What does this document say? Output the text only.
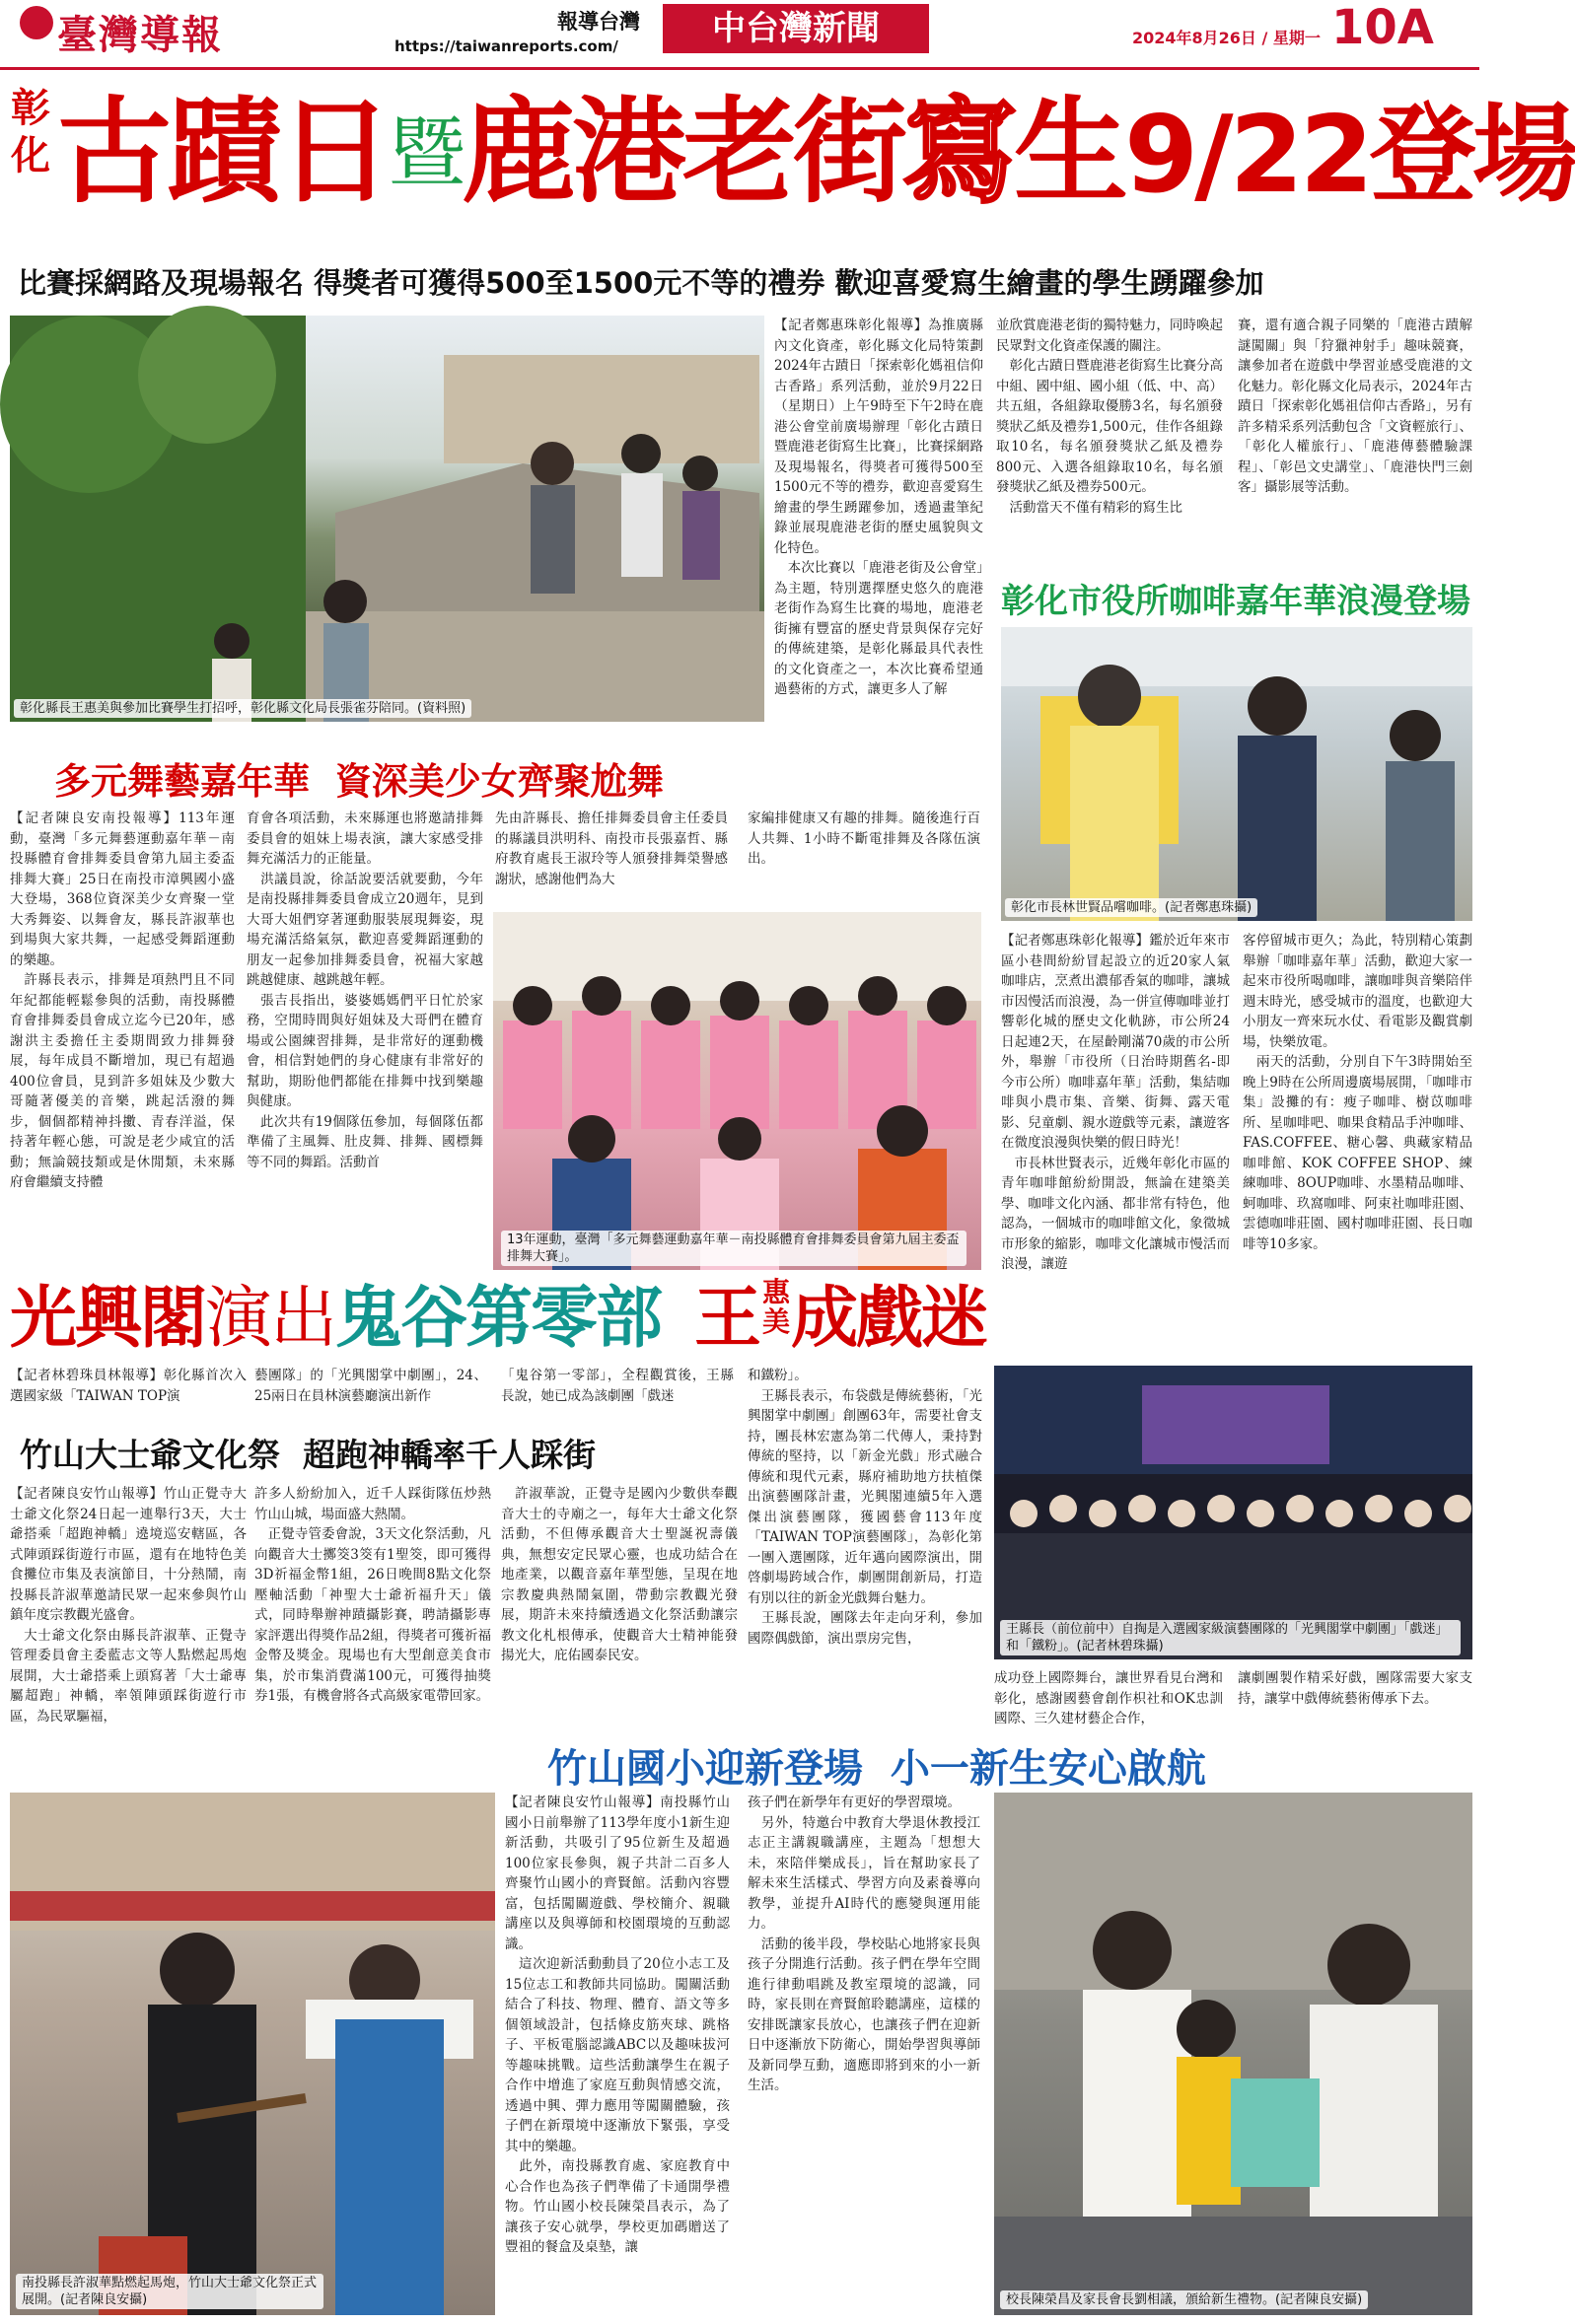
臺灣導報	報導台灣
https://taiwanreports.com/	中台灣新聞	2024年8月26日 / 星期一 10A
彰
化 古蹟日暨鹿港老街寫生9/22登場
比賽採網路及現場報名 得獎者可獲得500至1500元不等的禮券 歡迎喜愛寫生繪畫的學生踴躍參加
彰化縣長王惠美與參加比賽學生打招呼，彰化縣文化局長張雀芬陪同。(資料照)
【記者鄭惠珠彰化報導】為推廣縣內文化資產，彰化縣文化局特策劃2024年古蹟日「探索彰化媽祖信仰古香路」系列活動，並於9月22日（星期日）上午9時至下午2時在鹿港公會堂前廣場辦理「彰化古蹟日暨鹿港老街寫生比賽」，比賽採網路及現場報名，得獎者可獲得500至1500元不等的禮券，歡迎喜愛寫生繪畫的學生踴躍參加，透過畫筆紀錄並展現鹿港老街的歷史風貌與文化特色。
　本次比賽以「鹿港老街及公會堂」為主題，特別選擇歷史悠久的鹿港老街作為寫生比賽的場地，鹿港老街擁有豐富的歷史背景與保存完好的傳統建築，是彰化縣最具代表性的文化資產之一，本次比賽希望通過藝術的方式，讓更多人了解
並欣賞鹿港老街的獨特魅力，同時喚起民眾對文化資產保護的關注。
　彰化古蹟日暨鹿港老街寫生比賽分高中組、國中組、國小組（低、中、高）共五組，各組錄取優勝3名，每名頒發獎狀乙紙及禮券1,500元，佳作各組錄取10名，每名頒發獎狀乙紙及禮券800元、入選各組錄取10名，每名頒發獎狀乙紙及禮券500元。
　活動當天不僅有精彩的寫生比
賽，還有適合親子同樂的「鹿港古蹟解謎闖關」與「狩獵神射手」趣味競賽，讓參加者在遊戲中學習並感受鹿港的文化魅力。彰化縣文化局表示，2024年古蹟日「探索彰化媽祖信仰古香路」，另有許多精采系列活動包含「文資輕旅行」、「彰化人權旅行」、「鹿港傳藝體驗課程」、「彰邑文史講堂」、「鹿港快門三劍客」攝影展等活動。
彰化市役所咖啡嘉年華浪漫登場
彰化市長林世賢品嚐咖啡。(記者鄭惠珠攝)
【記者鄭惠珠彰化報導】鑑於近年來市區小巷間紛紛冒起設立的近20家人氣咖啡店，烹煮出濃郁香氣的咖啡，讓城市因慢活而浪漫，為一併宣傳咖啡並打響彰化城的歷史文化軌跡，市公所24日起連2天，在屋齡剛滿70歲的市公所外，舉辦「市役所（日治時期舊名-即今市公所）咖啡嘉年華」活動，集結咖啡與小農市集、音樂、街舞、露天電影、兒童劇、親水遊戲等元素，讓遊客在微度浪漫與快樂的假日時光！
　市長林世賢表示，近幾年彰化市區的青年咖啡館紛紛開設，無論在建築美學、咖啡文化內涵、都非常有特色，他認為，一個城市的咖啡館文化，象徵城市形象的縮影，咖啡文化讓城市慢活而浪漫，讓遊
客停留城市更久；為此，特別精心策劃舉辦「咖啡嘉年華」活動，歡迎大家一起來市役所喝咖啡，讓咖啡與音樂陪伴週末時光，感受城市的溫度，也歡迎大小朋友一齊來玩水仗、看電影及觀賞劇場，快樂放電。
　兩天的活動，分別自下午3時開始至晚上9時在公所周邊廣場展開，「咖啡市集」設攤的有：瘦子咖啡、樹苡咖啡所、星咖啡吧、咖果食精品手沖咖啡、FAS.COFFEE、糖心馨、典藏家精品咖啡館、KOK COFFEE SHOP、練練咖啡、8OUP咖啡、水墨精品咖啡、蚵咖啡、玖窩咖啡、阿束社咖啡莊園、雲德咖啡莊園、國村咖啡莊園、長日咖啡等10多家。
多元舞藝嘉年華  資深美少女齊聚尬舞
【記者陳良安南投報導】113年運動，臺灣「多元舞藝運動嘉年華－南投縣體育會排舞委員會第九屆主委盃排舞大賽」25日在南投市漳興國小盛大登場，368位資深美少女齊聚一堂大秀舞姿、以舞會友，縣長許淑華也到場與大家共舞，一起感受舞蹈運動的樂趣。
　許縣長表示，排舞是項熱門且不同年紀都能輕鬆參與的活動，南投縣體育會排舞委員會成立迄今已20年，感謝洪主委擔任主委期間致力排舞發展，每年成員不斷增加，現已有超過400位會員，見到許多姐妹及少數大哥隨著優美的音樂，跳起活潑的舞步，個個都精神抖擻、青春洋溢，保持著年輕心態，可說是老少咸宜的活動；無論競技類或是休閒類，未來縣府會繼續支持體
育會各項活動，未來縣運也將邀請排舞委員會的姐妹上場表演，讓大家感受排舞充滿活力的正能量。
　洪議員說，徐話說要活就要動，今年是南投縣排舞委員會成立20週年，見到大哥大姐們穿著運動服裝展現舞姿，現場充滿活絡氣氛，歡迎喜愛舞蹈運動的朋友一起參加排舞委員會，祝福大家越跳越健康、越跳越年輕。
　張吉長指出，婆婆媽媽們平日忙於家務，空閒時間與好姐妹及大哥們在體育場或公園練習排舞，是非常好的運動機會，相信對她們的身心健康有非常好的幫助，期盼他們都能在排舞中找到樂趣與健康。
　此次共有19個隊伍參加，每個隊伍都準備了主風舞、肚皮舞、排舞、國標舞等不同的舞蹈。活動首
先由許縣長、擔任排舞委員會主任委員的縣議員洪明科、南投市長張嘉哲、縣府教育處長王淑玲等人頒發排舞榮譽感謝狀，感謝他們為大
家編排健康又有趣的排舞。隨後進行百人共舞、1小時不斷電排舞及各隊伍演出。
13年運動，臺灣「多元舞藝運動嘉年華－南投縣體育會排舞委員會第九屆主委盃排舞大賽」。
光興閣演出鬼谷第零部 王 惠
美 成戲迷
【記者林碧珠員林報導】彰化縣首次入選國家級「TAIWAN TOP演
藝團隊」的「光興閣掌中劇團」，24、25兩日在員林演藝廳演出新作
「鬼谷第一零部」，全程觀賞後，王縣長說，她已成為該劇團「戲迷
和鐵粉」。
　王縣長表示，布袋戲是傳統藝術，「光興閣掌中劇團」創團63年，需要社會支持，團長林宏憲為第二代傳人，秉持對傳統的堅持，以「新金光戲」形式融合傳統和現代元素，縣府補助地方扶植傑出演藝團隊計畫，光興閣連續5年入選傑出演藝團隊，獲國藝會113年度「TAIWAN TOP演藝團隊」，為彰化第一團入選團隊，近年邁向國際演出，開啓劇場跨域合作，劇團開創新局，打造有別以往的新金光戲舞台魅力。
　王縣長說，團隊去年走向牙利，參加國際偶戲節，演出票房完售，
王縣長（前位前中）自掏是入選國家級演藝團隊的「光興閣掌中劇團」「戲迷」和「鐵粉」。(記者林碧珠攝)
成功登上國際舞台，讓世界看見台灣和彰化，感謝國藝會創作枳社和OK忠訓國際、三久建材藝企合作，
讓劇團製作精采好戲，團隊需要大家支持，讓掌中戲傳統藝術傳承下去。
竹山大士爺文化祭  超跑神轎率千人踩街
【記者陳良安竹山報導】竹山正覺寺大士爺文化祭24日起一連舉行3天，大士爺搭乘「超跑神轎」遶境巡安轄區，各式陣頭踩街遊行市區，還有在地特色美食攤位市集及表演節目，十分熱鬧，南投縣長許淑華邀請民眾一起來參與竹山鎮年度宗教觀光盛會。
　大士爺文化祭由縣長許淑華、正覺寺管理委員會主委藍志文等人點燃起馬炮展開，大士爺搭乘上頭寫著「大士爺專屬超跑」神轎，率領陣頭踩街遊行市區，為民眾驅福，
許多人紛紛加入，近千人踩街隊伍炒熱竹山山城，場面盛大熱鬧。
　正覺寺管委會說，3天文化祭活動，凡向觀音大士擲筊3筊有1聖筊，即可獲得3D祈福金幣1組，26日晚間8點文化祭壓軸活動「神聖大士爺祈福升天」儀式，同時舉辦神蹟攝影賽，聘請攝影專家評選出得獎作品2組，得獎者可獲祈福金幣及獎金。現場也有大型創意美食市集，於市集消費滿100元，可獲得抽獎券1張，有機會將各式高級家電帶回家。
　許淑華說，正覺寺是國內少數供奉觀音大士的寺廟之一，每年大士爺文化祭活動，不但傳承觀音大士聖誕祝壽儀典，無想安定民眾心靈，也成功結合在地產業，以觀音嘉年華型態，呈現在地宗教慶典熱鬧氣圍，帶動宗教觀光發展，期許未來持續透過文化祭活動讓宗教文化札根傳承，使觀音大士精神能發揚光大，庇佑國泰民安。
南投縣長許淑華點燃起馬炮，竹山大士爺文化祭正式展開。(記者陳良安攝)
竹山國小迎新登場  小一新生安心啟航
【記者陳良安竹山報導】南投縣竹山國小日前舉辦了113學年度小1新生迎新活動，共吸引了95位新生及超過100位家長參與，親子共計二百多人齊聚竹山國小的齊賢館。活動內容豐富，包括闖關遊戲、學校簡介、親職講座以及與導師和校園環境的互動認識。
　這次迎新活動動員了20位小志工及15位志工和教師共同協助。闖關活動結合了科技、物理、體育、語文等多個領域設計，包括條皮筋夾球、跳格子、平板電腦認識ABC以及趣味拔河等趣味挑戰。這些活動讓學生在親子合作中增進了家庭互動與情感交流，透過中興、彈力應用等闖關體驗，孩子們在新環境中逐漸放下緊張，享受其中的樂趣。
　此外，南投縣教育處、家庭教育中心合作也為孩子們準備了卡通開學禮物。竹山國小校長陳榮昌表示，為了讓孩子安心就學，學校更加碼贈送了豐祖的餐盒及桌墊，讓
孩子們在新學年有更好的學習環境。
　另外，特邀台中教育大學退休教授江志正主講親職講座，主題為「想想大未，來陪伴樂成長」，旨在幫助家長了解未來生活樣式、學習方向及素養導向教學，並提升AI時代的應變與運用能力。
　活動的後半段，學校貼心地將家長與孩子分開進行活動。孩子們在學年空間進行律動唱跳及教室環境的認識，同時，家長則在齊賢館聆聽講座，這樣的安排既讓家長放心，也讓孩子們在迎新日中逐漸放下防衛心，開始學習與導師及新同學互動，適應即將到來的小一新生活。
校長陳榮昌及家長會長劉相議，頒給新生禮物。(記者陳良安攝)
